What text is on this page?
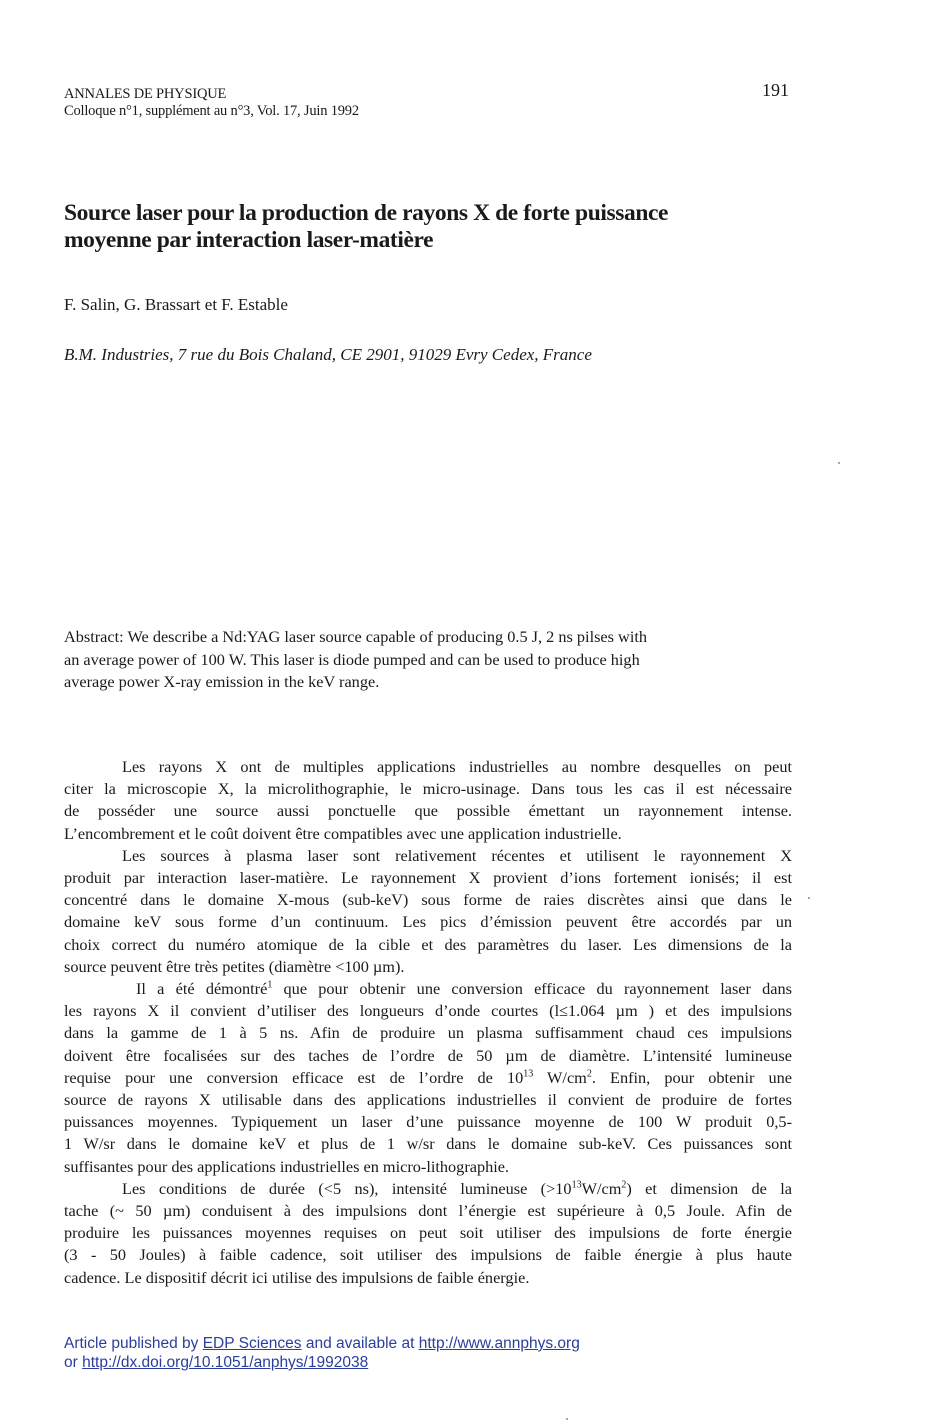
ANNALES DE PHYSIQUE
Colloque n°1, supplément au n°3, Vol. 17, Juin 1992
191
Source laser pour la production de rayons X de forte puissance
moyenne par interaction laser-matière
F. Salin, G. Brassart et F. Estable
B.M. Industries, 7 rue du Bois Chaland, CE 2901, 91029 Evry Cedex, France
Abstract: We describe a Nd:YAG laser source capable of producing 0.5 J, 2 ns pilses with
an average power of 100 W. This laser is diode pumped and can be used to produce high
average power X-ray emission in the keV range.
Les rayons X ont de multiples applications industrielles au nombre desquelles on peut
citer la microscopie X, la microlithographie, le micro-usinage. Dans tous les cas il est nécessaire
de posséder une source aussi ponctuelle que possible émettant un rayonnement intense.
L’encombrement et le coût doivent être compatibles avec une application industrielle.
Les sources à plasma laser sont relativement récentes et utilisent le rayonnement X
produit par interaction laser-matière. Le rayonnement X provient d’ions fortement ionisés; il est
concentré dans le domaine X-mous (sub-keV) sous forme de raies discrètes ainsi que dans le
domaine keV sous forme d’un continuum. Les pics d’émission peuvent être accordés par un
choix correct du numéro atomique de la cible et des paramètres du laser. Les dimensions de la
source peuvent être très petites (diamètre <100 µm).
Il a été démontré$^1$ que pour obtenir une conversion efficace du rayonnement laser dans
les rayons X il convient d’utiliser des longueurs d’onde courtes (l≤1.064 µm ) et des impulsions
dans la gamme de 1 à 5 ns. Afin de produire un plasma suffisamment chaud ces impulsions
doivent être focalisées sur des taches de l’ordre de 50 µm de diamètre. L’intensité lumineuse
requise pour une conversion efficace est de l’ordre de $10^{13}$ $W/cm^2$. Enfin, pour obtenir une
source de rayons X utilisable dans des applications industrielles il convient de produire de fortes
puissances moyennes. Typiquement un laser d’une puissance moyenne de 100 W produit 0,5-
1 W/sr dans le domaine keV et plus de 1 w/sr dans le domaine sub-keV. Ces puissances sont
suffisantes pour des applications industrielles en micro-lithographie.
Les conditions de durée (<5 ns), intensité lumineuse $(>10^{13}W/cm^2)$ et dimension de la
tache (~ 50 µm) conduisent à des impulsions dont l’énergie est supérieure à 0,5 Joule. Afin de
produire les puissances moyennes requises on peut soit utiliser des impulsions de forte énergie
(3 - 50 Joules) à faible cadence, soit utiliser des impulsions de faible énergie à plus haute
cadence. Le dispositif décrit ici utilise des impulsions de faible énergie.
Article published by EDP Sciences and available at http://www.annphys.org
or http://dx.doi.org/10.1051/anphys/1992038
